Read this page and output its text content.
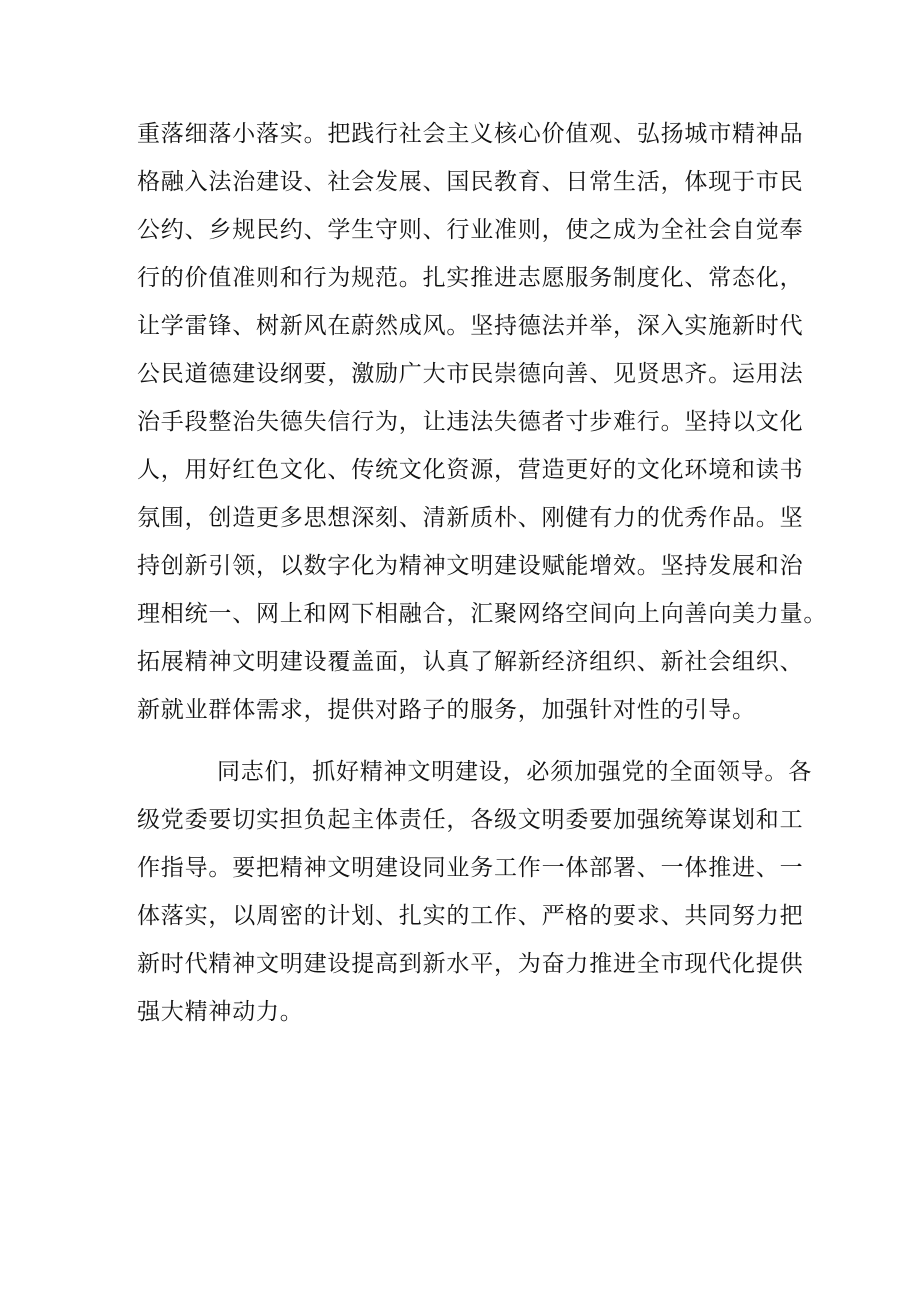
重落细落小落实。把践行社会主义核心价值观、弘扬城市精神品
格融入法治建设、社会发展、国民教育、日常生活，体现于市民
公约、乡规民约、学生守则、行业准则，使之成为全社会自觉奉
行的价值准则和行为规范。扎实推进志愿服务制度化、常态化，
让学雷锋、树新风在蔚然成风。坚持德法并举，深入实施新时代
公民道德建设纲要，激励广大市民崇德向善、见贤思齐。运用法
治手段整治失德失信行为，让违法失德者寸步难行。坚持以文化
人，用好红色文化、传统文化资源，营造更好的文化环境和读书
氛围，创造更多思想深刻、清新质朴、刚健有力的优秀作品。坚
持创新引领，以数字化为精神文明建设赋能增效。坚持发展和治
理相统一、网上和网下相融合，汇聚网络空间向上向善向美力量。
拓展精神文明建设覆盖面，认真了解新经济组织、新社会组织、
新就业群体需求，提供对路子的服务，加强针对性的引导。
同志们，抓好精神文明建设，必须加强党的全面领导。各
级党委要切实担负起主体责任，各级文明委要加强统筹谋划和工
作指导。要把精神文明建设同业务工作一体部署、一体推进、一
体落实，以周密的计划、扎实的工作、严格的要求、共同努力把
新时代精神文明建设提高到新水平，为奋力推进全市现代化提供
强大精神动力。
